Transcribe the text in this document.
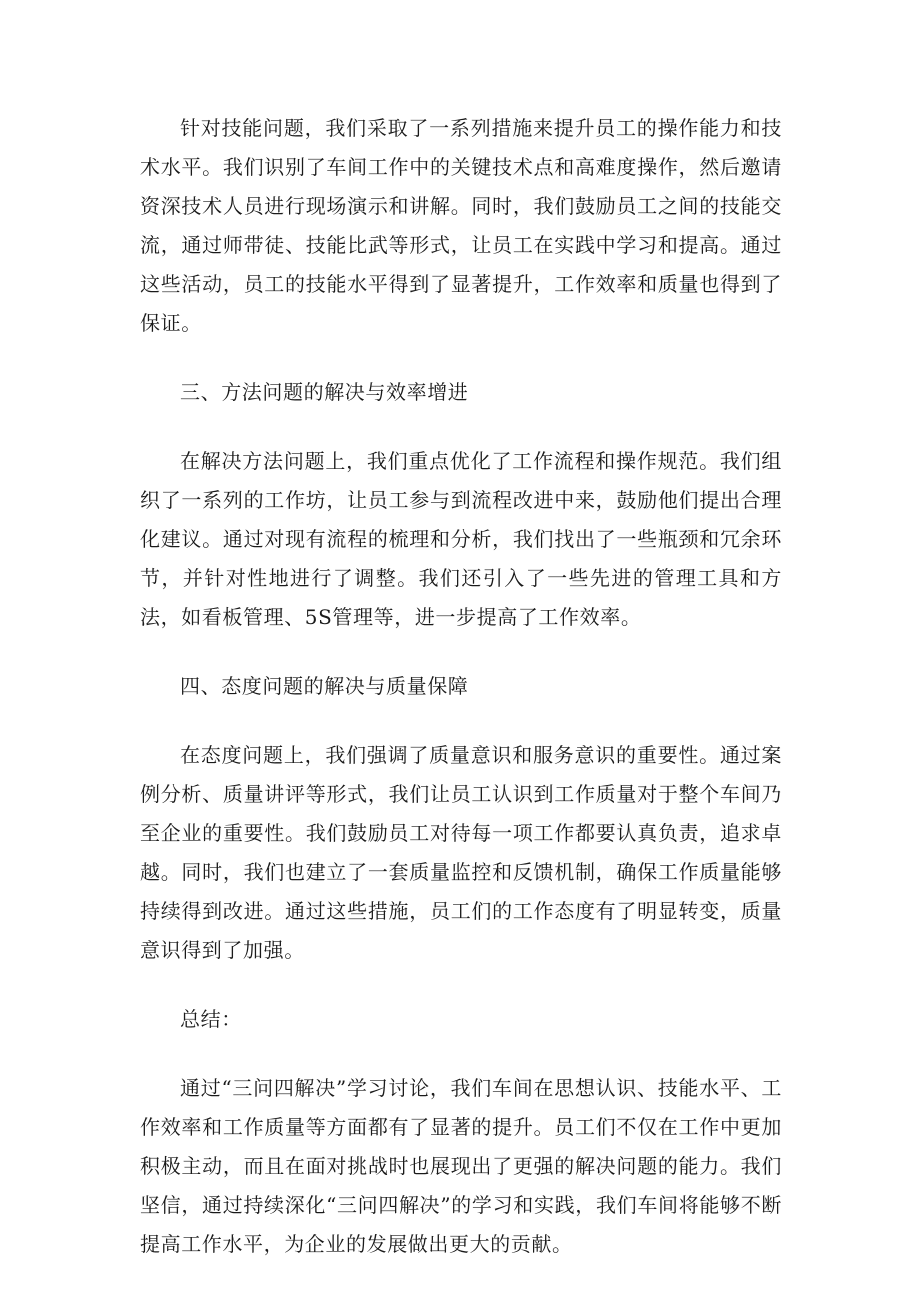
针对技能问题，我们采取了一系列措施来提升员工的操作能力和技术水平。我们识别了车间工作中的关键技术点和高难度操作，然后邀请资深技术人员进行现场演示和讲解。同时，我们鼓励员工之间的技能交流，通过师带徒、技能比武等形式，让员工在实践中学习和提高。通过这些活动，员工的技能水平得到了显著提升，工作效率和质量也得到了保证。

三、方法问题的解决与效率增进

在解决方法问题上，我们重点优化了工作流程和操作规范。我们组织了一系列的工作坊，让员工参与到流程改进中来，鼓励他们提出合理化建议。通过对现有流程的梳理和分析，我们找出了一些瓶颈和冗余环节，并针对性地进行了调整。我们还引入了一些先进的管理工具和方法，如看板管理、5S管理等，进一步提高了工作效率。

四、态度问题的解决与质量保障

在态度问题上，我们强调了质量意识和服务意识的重要性。通过案例分析、质量讲评等形式，我们让员工认识到工作质量对于整个车间乃至企业的重要性。我们鼓励员工对待每一项工作都要认真负责，追求卓越。同时，我们也建立了一套质量监控和反馈机制，确保工作质量能够持续得到改进。通过这些措施，员工们的工作态度有了明显转变，质量意识得到了加强。

总结：

通过“三问四解决”学习讨论，我们车间在思想认识、技能水平、工作效率和工作质量等方面都有了显著的提升。员工们不仅在工作中更加积极主动，而且在面对挑战时也展现出了更强的解决问题的能力。我们坚信，通过持续深化“三问四解决”的学习和实践，我们车间将能够不断提高工作水平，为企业的发展做出更大的贡献。
